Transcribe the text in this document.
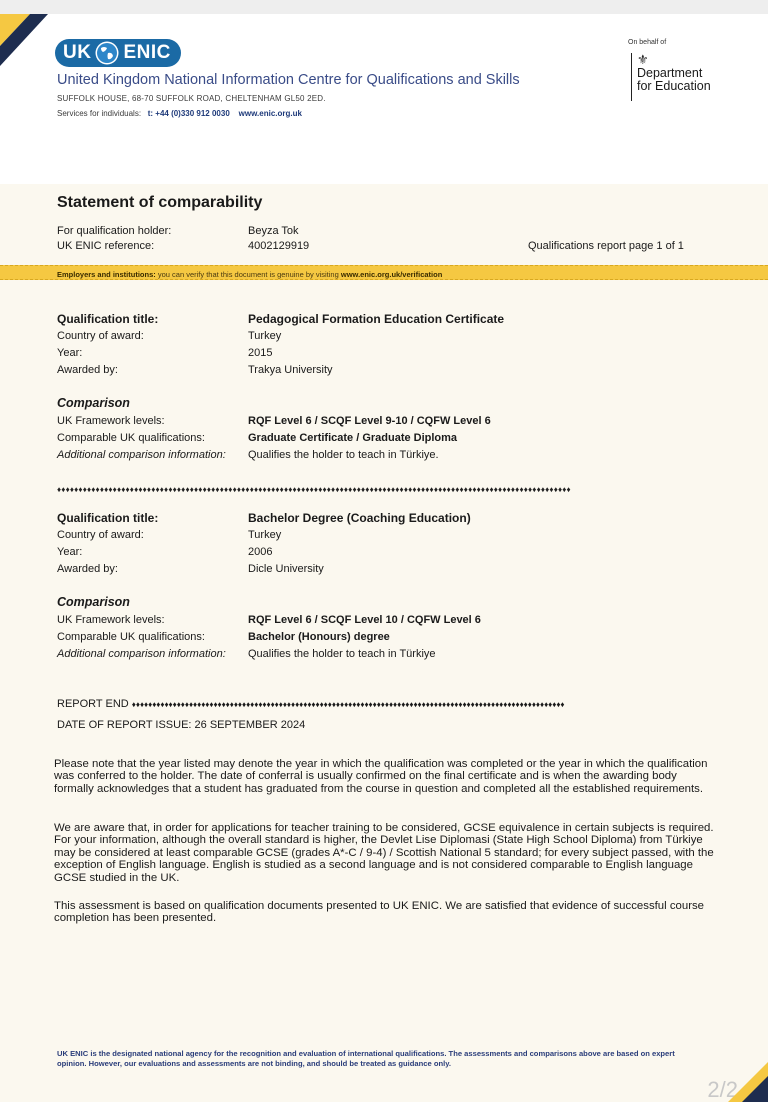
UK ENIC
United Kingdom National Information Centre for Qualifications and Skills
SUFFOLK HOUSE, 68-70 SUFFOLK ROAD, CHELTENHAM GL50 2ED.
Services for individuals: t: +44 (0)330 912 0030 www.enic.org.uk
On behalf of
⚜
Department
for Education
Statement of comparability
For qualification holder:	Beyza Tok
UK ENIC reference:	4002129919	Qualifications report page 1 of 1
Employers and institutions: you can verify that this document is genuine by visiting www.enic.org.uk/verification
Qualification title:	Pedagogical Formation Education Certificate
Country of award:	Turkey
Year:	2015
Awarded by:	Trakya University
Comparison
UK Framework levels:	RQF Level 6 / SCQF Level 9-10 / CQFW Level 6
Comparable UK qualifications:	Graduate Certificate / Graduate Diploma
Additional comparison information: Qualifies the holder to teach in Türkiye.
♦♦♦♦♦♦♦♦♦♦♦♦♦♦♦♦♦♦♦♦♦♦♦♦♦♦♦♦♦♦♦♦♦♦♦♦♦♦♦♦♦♦♦♦♦♦♦♦♦♦♦♦♦♦♦♦♦♦♦♦♦♦♦♦♦♦♦♦♦♦♦♦♦♦♦♦♦♦♦♦♦♦♦♦♦♦♦♦♦♦♦♦♦♦♦♦♦♦♦♦♦♦♦♦♦♦♦♦♦♦♦♦♦♦♦♦♦♦♦♦
Qualification title:	Bachelor Degree (Coaching Education)
Country of award:	Turkey
Year:	2006
Awarded by:	Dicle University
Comparison
UK Framework levels:	RQF Level 6 / SCQF Level 10 / CQFW Level 6
Comparable UK qualifications:	Bachelor (Honours) degree
Additional comparison information: Qualifies the holder to teach in Türkiye
REPORT END ♦♦♦♦♦♦♦♦♦♦♦♦♦♦♦♦♦♦♦♦♦♦♦♦♦♦♦♦♦♦♦♦♦♦♦♦♦♦♦♦♦♦♦♦♦♦♦♦♦♦♦♦♦♦♦♦♦♦♦♦♦♦♦♦♦♦♦♦♦♦♦♦♦♦♦♦♦♦♦♦♦♦♦♦♦♦♦♦♦♦♦♦♦♦♦♦♦♦♦♦♦♦♦♦♦♦
DATE OF REPORT ISSUE: 26 SEPTEMBER 2024
Please note that the year listed may denote the year in which the qualification was completed or the year in which the qualification was conferred to the holder. The date of conferral is usually confirmed on the final certificate and is when the awarding body formally acknowledges that a student has graduated from the course in question and completed all the established requirements.
We are aware that, in order for applications for teacher training to be considered, GCSE equivalence in certain subjects is required. For your information, although the overall standard is higher, the Devlet Lise Diplomasi (State High School Diploma) from Türkiye may be considered at least comparable GCSE (grades A*-C / 9-4) / Scottish National 5 standard; for every subject passed, with the exception of English language. English is studied as a second language and is not considered comparable to English language GCSE studied in the UK.
This assessment is based on qualification documents presented to UK ENIC. We are satisfied that evidence of successful course completion has been presented.
UK ENIC is the designated national agency for the recognition and evaluation of international qualifications. The assessments and comparisons above are based on expert opinion. However, our evaluations and assessments are not binding, and should be treated as guidance only.
2/2
